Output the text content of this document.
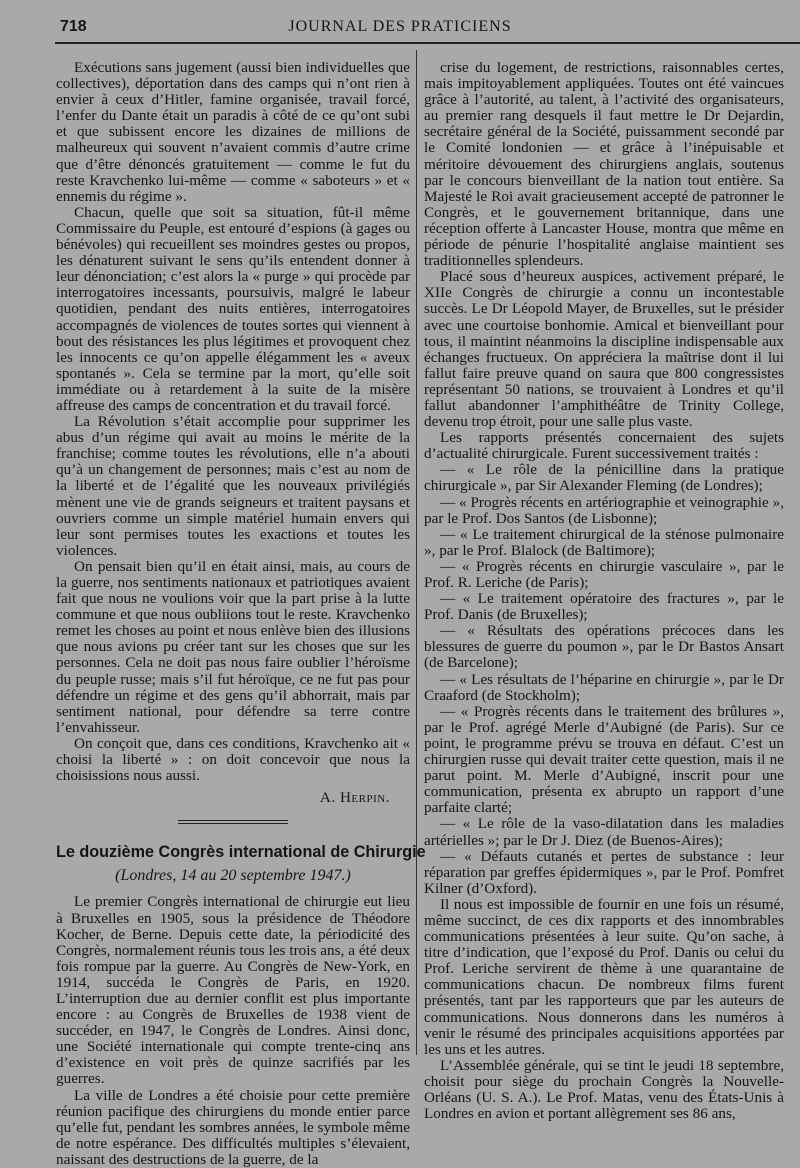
718	JOURNAL DES PRATICIENS

Exécutions sans jugement (aussi bien individuelles que collectives), déportation dans des camps qui n’ont rien à envier à ceux d’Hitler, famine organisée, travail forcé, l’enfer du Dante était un paradis à côté de ce qu’ont subi et que subissent encore les dizaines de millions de malheureux qui souvent n’avaient commis d’autre crime que d’être dénoncés gratuitement — comme le fut du reste Kravchenko lui-même — comme « saboteurs » et « ennemis du régime ».

Chacun, quelle que soit sa situation, fût-il même Commissaire du Peuple, est entouré d’espions (à gages ou bénévoles) qui recueillent ses moindres gestes ou propos, les dénaturent suivant le sens qu’ils entendent donner à leur dénonciation; c’est alors la « purge » qui procède par interrogatoires incessants, poursuivis, malgré le labeur quotidien, pendant des nuits entières, interrogatoires accompagnés de violences de toutes sortes qui viennent à bout des résistances les plus légitimes et provoquent chez les innocents ce qu’on appelle élégamment les « aveux spontanés ». Cela se termine par la mort, qu’elle soit immédiate ou à retardement à la suite de la misère affreuse des camps de concentration et du travail forcé.

La Révolution s’était accomplie pour supprimer les abus d’un régime qui avait au moins le mérite de la franchise; comme toutes les révolutions, elle n’a abouti qu’à un changement de personnes; mais c’est au nom de la liberté et de l’égalité que les nouveaux privilégiés mènent une vie de grands seigneurs et traitent paysans et ouvriers comme un simple matériel humain envers qui leur sont permises toutes les exactions et toutes les violences.

On pensait bien qu’il en était ainsi, mais, au cours de la guerre, nos sentiments nationaux et patriotiques avaient fait que nous ne voulions voir que la part prise à la lutte commune et que nous oubliions tout le reste. Kravchenko remet les choses au point et nous enlève bien des illusions que nous avions pu créer tant sur les choses que sur les personnes. Cela ne doit pas nous faire oublier l’héroïsme du peuple russe; mais s’il fut héroïque, ce ne fut pas pour défendre un régime et des gens qu’il abhorrait, mais par sentiment national, pour défendre sa terre contre l’envahisseur.

On conçoit que, dans ces conditions, Kravchenko ait « choisi la liberté » : on doit concevoir que nous la choisissions nous aussi.

A. Herpin.
Le douzième Congrès international de Chirurgie
(Londres, 14 au 20 septembre 1947.)

Le premier Congrès international de chirurgie eut lieu à Bruxelles en 1905, sous la présidence de Théodore Kocher, de Berne. Depuis cette date, la périodicité des Congrès, normalement réunis tous les trois ans, a été deux fois rompue par la guerre. Au Congrès de New-York, en 1914, succéda le Congrès de Paris, en 1920. L’interruption due au dernier conflit est plus importante encore : au Congrès de Bruxelles de 1938 vient de succéder, en 1947, le Congrès de Londres. Ainsi donc, une Société internationale qui compte trente-cinq ans d’existence en voit près de quinze sacrifiés par les guerres.

La ville de Londres a été choisie pour cette première réunion pacifique des chirurgiens du monde entier parce qu’elle fut, pendant les sombres années, le symbole même de notre espérance. Des difficultés multiples s’élevaient, naissant des destructions de la guerre, de la

crise du logement, de restrictions, raisonnables certes, mais impitoyablement appliquées. Toutes ont été vaincues grâce à l’autorité, au talent, à l’activité des organisateurs, au premier rang desquels il faut mettre le Dr Dejardin, secrétaire général de la Société, puissamment secondé par le Comité londonien — et grâce à l’inépuisable et méritoire dévouement des chirurgiens anglais, soutenus par le concours bienveillant de la nation tout entière. Sa Majesté le Roi avait gracieusement accepté de patronner le Congrès, et le gouvernement britannique, dans une réception offerte à Lancaster House, montra que même en période de pénurie l’hospitalité anglaise maintient ses traditionnelles splendeurs.

Placé sous d’heureux auspices, activement préparé, le XIIe Congrès de chirurgie a connu un incontestable succès. Le Dr Léopold Mayer, de Bruxelles, sut le présider avec une courtoise bonhomie. Amical et bienveillant pour tous, il maintint néanmoins la discipline indispensable aux échanges fructueux. On appréciera la maîtrise dont il lui fallut faire preuve quand on saura que 800 congressistes représentant 50 nations, se trouvaient à Londres et qu’il fallut abandonner l’amphithéâtre de Trinity College, devenu trop étroit, pour une salle plus vaste.

Les rapports présentés concernaient des sujets d’actualité chirurgicale. Furent successivement traités :

— « Le rôle de la pénicilline dans la pratique chirurgicale », par Sir Alexander Fleming (de Londres);

— « Progrès récents en artériographie et veinographie », par le Prof. Dos Santos (de Lisbonne);

— « Le traitement chirurgical de la sténose pulmonaire », par le Prof. Blalock (de Baltimore);

— « Progrès récents en chirurgie vasculaire », par le Prof. R. Leriche (de Paris);

— « Le traitement opératoire des fractures », par le Prof. Danis (de Bruxelles);

— « Résultats des opérations précoces dans les blessures de guerre du poumon », par le Dr Bastos Ansart (de Barcelone);

— « Les résultats de l’héparine en chirurgie », par le Dr Craaford (de Stockholm);

— « Progrès récents dans le traitement des brûlures », par le Prof. agrégé Merle d’Aubigné (de Paris). Sur ce point, le programme prévu se trouva en défaut. C’est un chirurgien russe qui devait traiter cette question, mais il ne parut point. M. Merle d’Aubigné, inscrit pour une communication, présenta ex abrupto un rapport d’une parfaite clarté;

— « Le rôle de la vaso-dilatation dans les maladies artérielles »; par le Dr J. Diez (de Buenos-Aires);

— « Défauts cutanés et pertes de substance : leur réparation par greffes épidermiques », par le Prof. Pomfret Kilner (d’Oxford).

Il nous est impossible de fournir en une fois un résumé, même succinct, de ces dix rapports et des innombrables communications présentées à leur suite. Qu’on sache, à titre d’indication, que l’exposé du Prof. Danis ou celui du Prof. Leriche servirent de thème à une quarantaine de communications chacun. De nombreux films furent présentés, tant par les rapporteurs que par les auteurs de communications. Nous donnerons dans les numéros à venir le résumé des principales acquisitions apportées par les uns et les autres.

L’Assemblée générale, qui se tint le jeudi 18 septembre, choisit pour siège du prochain Congrès la Nouvelle-Orléans (U. S. A.). Le Prof. Matas, venu des États-Unis à Londres en avion et portant allègrement ses 86 ans,
